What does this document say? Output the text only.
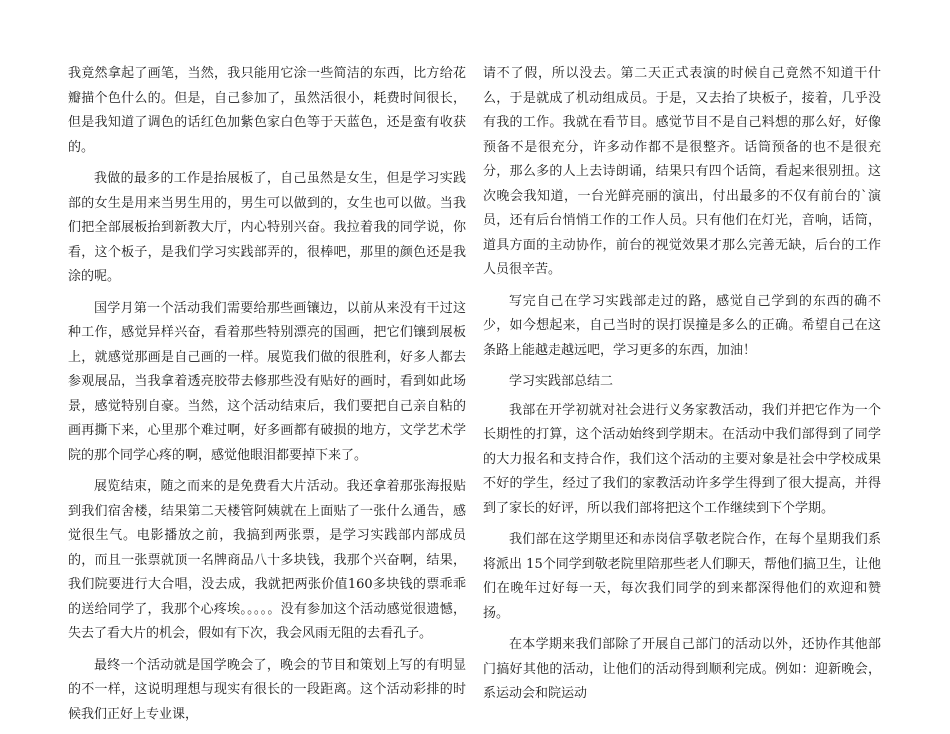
我竟然拿起了画笔，当然，我只能用它涂一些简洁的东西，比方给花瓣描个色什么的。但是，自己参加了，虽然活很小，耗费时间很长，但是我知道了调色的话红色加紫色家白色等于天蓝色，还是蛮有收获的。

我做的最多的工作是抬展板了，自己虽然是女生，但是学习实践部的女生是用来当男生用的，男生可以做到的，女生也可以做。当我们把全部展板抬到新教大厅，内心特别兴奋。我拉着我的同学说，你看，这个板子，是我们学习实践部弄的，很棒吧，那里的颜色还是我涂的呢。

国学月第一个活动我们需要给那些画镶边，以前从来没有干过这种工作，感觉异样兴奋，看着那些特别漂亮的国画，把它们镶到展板上，就感觉那画是自己画的一样。展览我们做的很胜利，好多人都去参观展品，当我拿着透亮胶带去修那些没有贴好的画时，看到如此场景，感觉特别自豪。当然，这个活动结束后，我们要把自己亲自粘的画再撕下来，心里那个难过啊，好多画都有破损的地方，文学艺术学院的那个同学心疼的啊，感觉他眼泪都要掉下来了。

展览结束，随之而来的是免费看大片活动。我还拿着那张海报贴到我们宿舍楼，结果第二天楼管阿姨就在上面贴了一张什么通告，感觉很生气。电影播放之前，我搞到两张票，是学习实践部内部成员的，而且一张票就顶一名牌商品八十多块钱，我那个兴奋啊，结果，我们院要进行大合唱，没去成，我就把两张价值160多块钱的票乖乖的送给同学了，我那个心疼埃。。。。。没有参加这个活动感觉很遗憾，失去了看大片的机会，假如有下次，我会风雨无阻的去看孔子。

最终一个活动就是国学晚会了，晚会的节目和策划上写的有明显的不一样，这说明理想与现实有很长的一段距离。这个活动彩排的时候我们正好上专业课，

请不了假，所以没去。第二天正式表演的时候自己竟然不知道干什么，于是就成了机动组成员。于是，又去抬了块板子，接着，几乎没有我的工作。我就在看节目。感觉节目不是自己料想的那么好，好像预备不是很充分，许多动作都不是很整齐。话筒预备的也不是很充分，那么多的人上去诗朗诵，结果只有四个话筒，看起来很别扭。这次晚会我知道，一台光鲜亮丽的演出，付出最多的不仅有前台的`演员，还有后台悄悄工作的工作人员。只有他们在灯光，音响，话筒，道具方面的主动协作，前台的视觉效果才那么完善无缺，后台的工作人员很辛苦。

写完自己在学习实践部走过的路，感觉自己学到的东西的确不少，如今想起来，自己当时的误打误撞是多么的正确。希望自己在这条路上能越走越远吧，学习更多的东西，加油！

学习实践部总结二

我部在开学初就对社会进行义务家教活动，我们并把它作为一个长期性的打算，这个活动始终到学期末。在活动中我们部得到了同学的大力报名和支持合作，我们这个活动的主要对象是社会中学校成果不好的学生，经过了我们的家教活动许多学生得到了很大提高，并得到了家长的好评，所以我们部将把这个工作继续到下个学期。

我们部在这学期里还和赤岗信孚敬老院合作，在每个星期我们系将派出 15个同学到敬老院里陪那些老人们聊天，帮他们搞卫生，让他们在晚年过好每一天，每次我们同学的到来都深得他们的欢迎和赞扬。

在本学期来我们部除了开展自己部门的活动以外，还协作其他部门搞好其他的活动，让他们的活动得到顺利完成。例如：迎新晚会，系运动会和院运动
